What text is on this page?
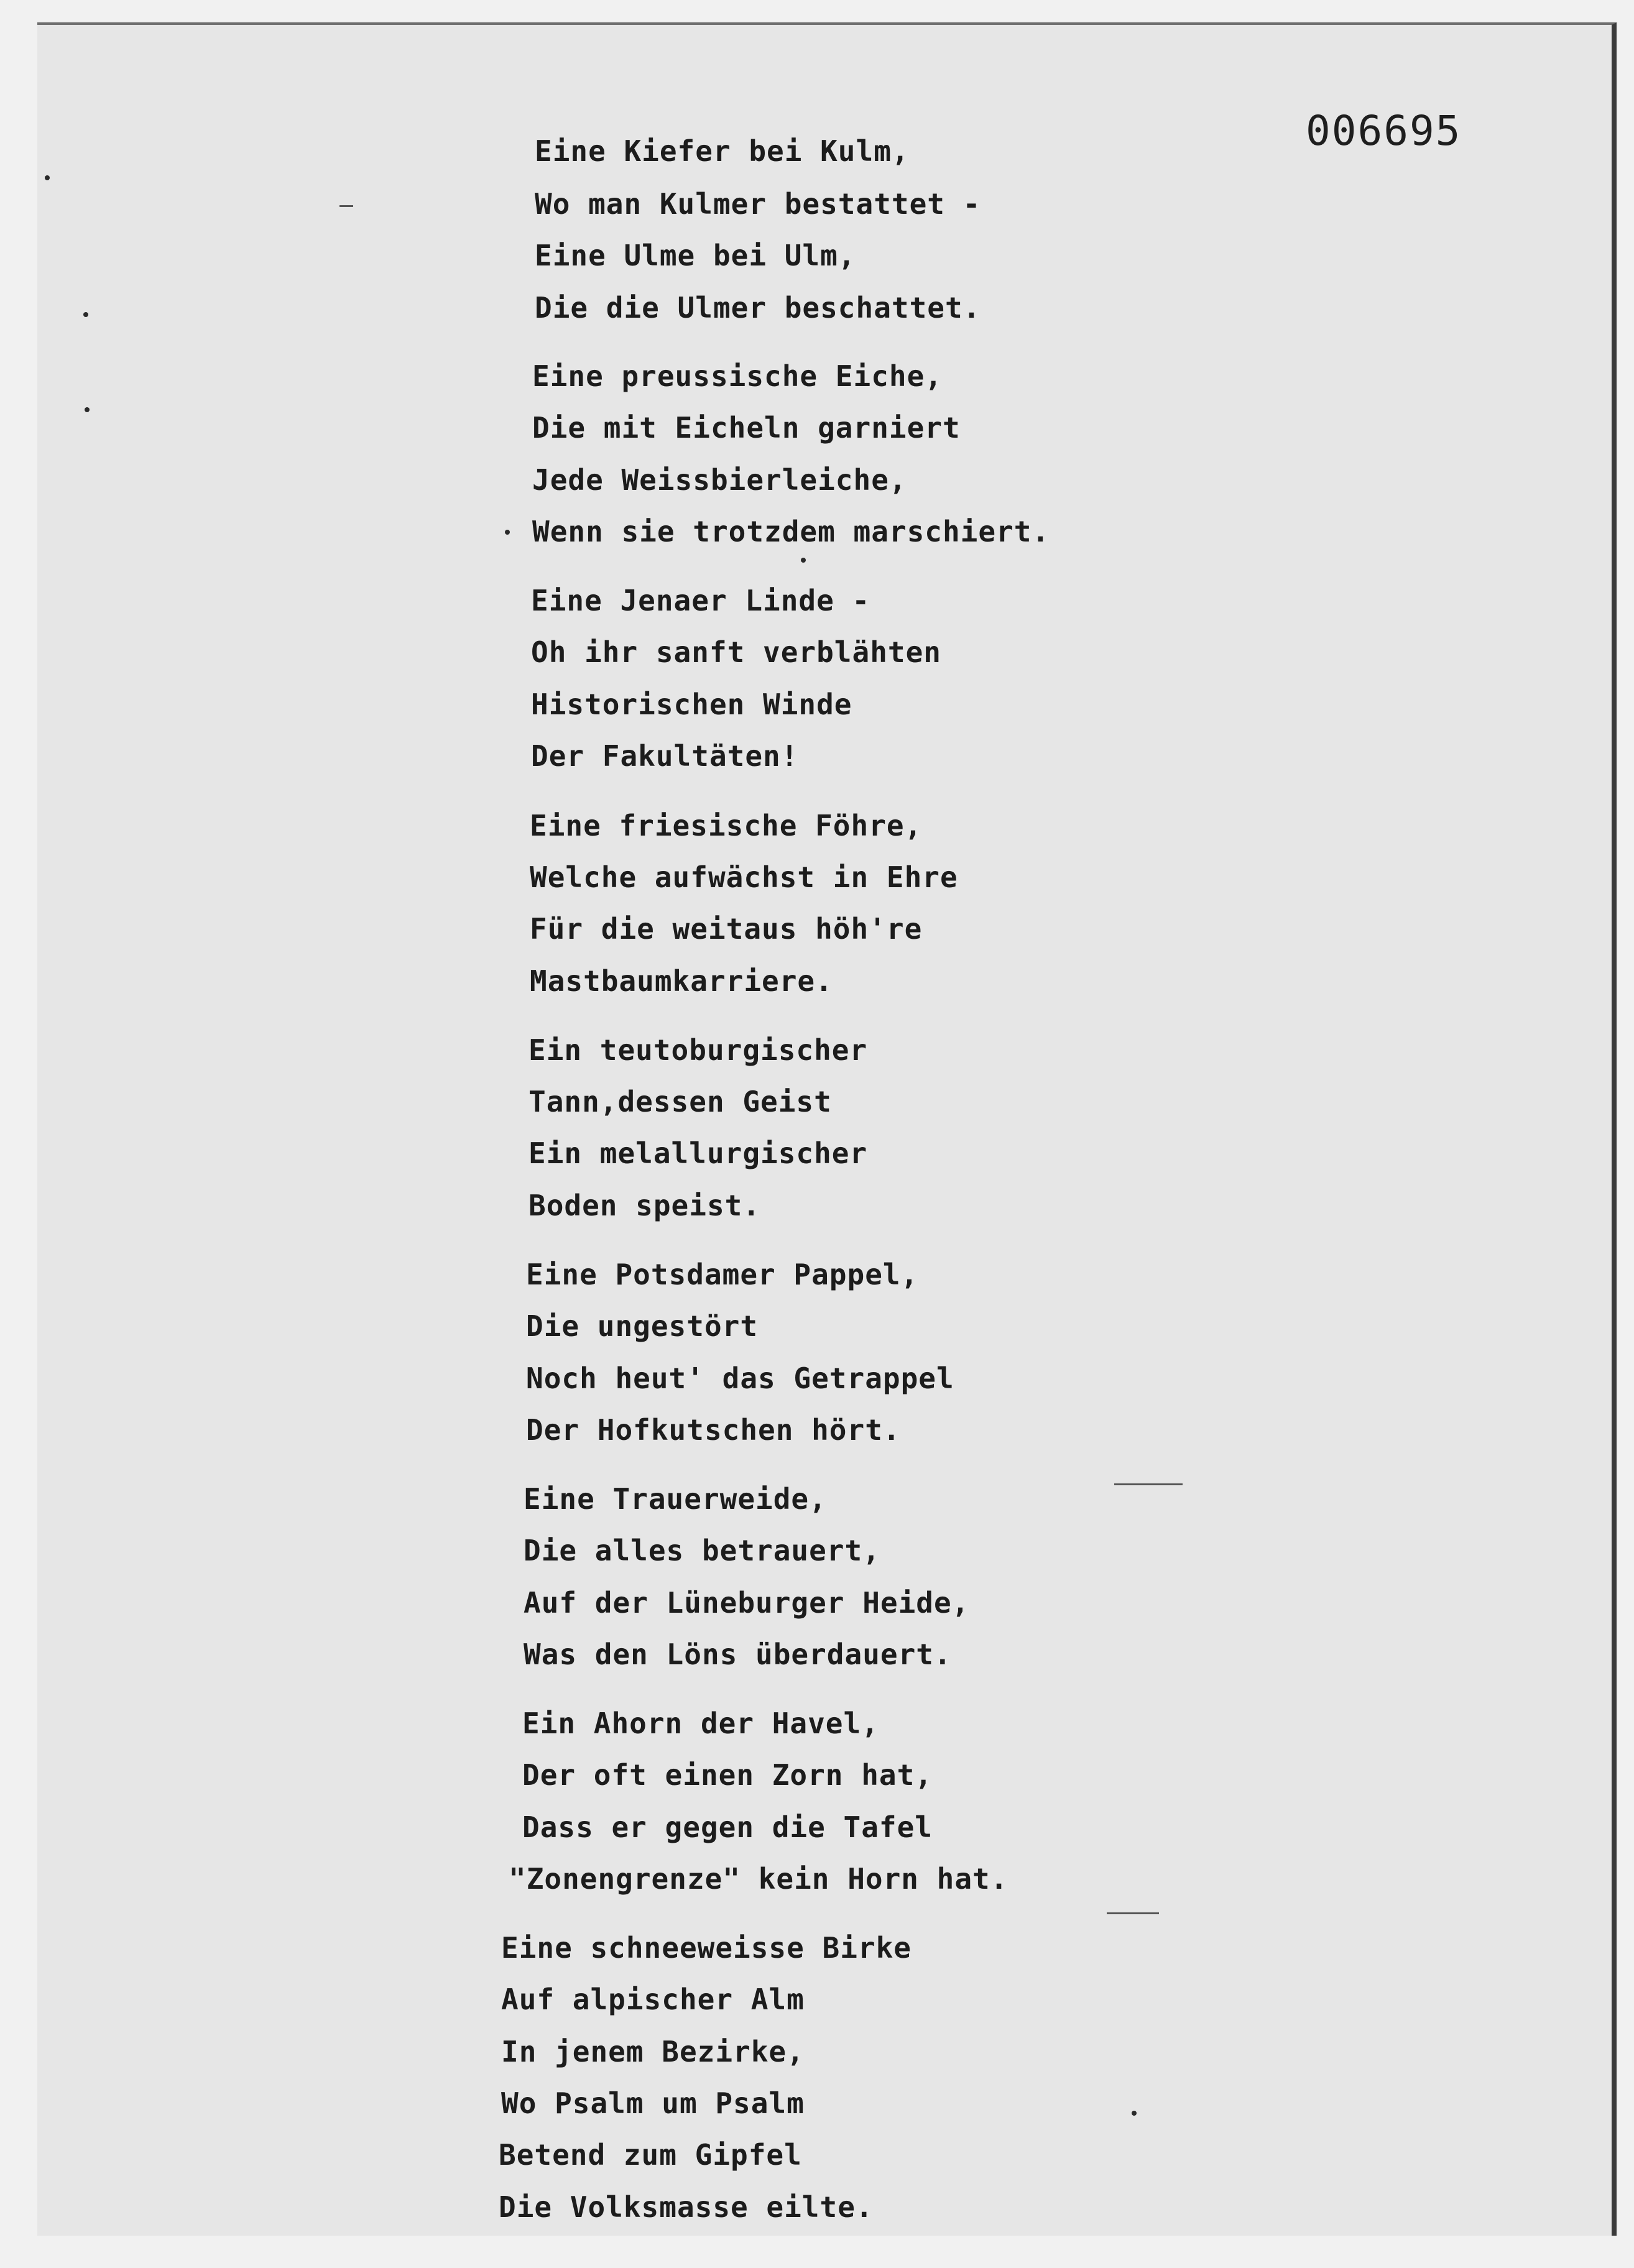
006695
Eine Kiefer bei Kulm,
Wo man Kulmer bestattet -
Eine Ulme bei Ulm,
Die die Ulmer beschattet.
Eine preussische Eiche,
Die mit Eicheln garniert
Jede Weissbierleiche,
Wenn sie trotzdem marschiert.
Eine Jenaer Linde -
Oh ihr sanft verblähten
Historischen Winde
Der Fakultäten!
Eine friesische Föhre,
Welche aufwächst in Ehre
Für die weitaus höh're
Mastbaumkarriere.
Ein teutoburgischer
Tann,dessen Geist
Ein melallurgischer
Boden speist.
Eine Potsdamer Pappel,
Die ungestört
Noch heut' das Getrappel
Der Hofkutschen hört.
Eine Trauerweide,
Die alles betrauert,
Auf der Lüneburger Heide,
Was den Löns überdauert.
Ein Ahorn der Havel,
Der oft einen Zorn hat,
Dass er gegen die Tafel
"Zonengrenze" kein Horn hat.
Eine schneeweisse Birke
Auf alpischer Alm
In jenem Bezirke,
Wo Psalm um Psalm
Betend zum Gipfel
Die Volksmasse eilte.
